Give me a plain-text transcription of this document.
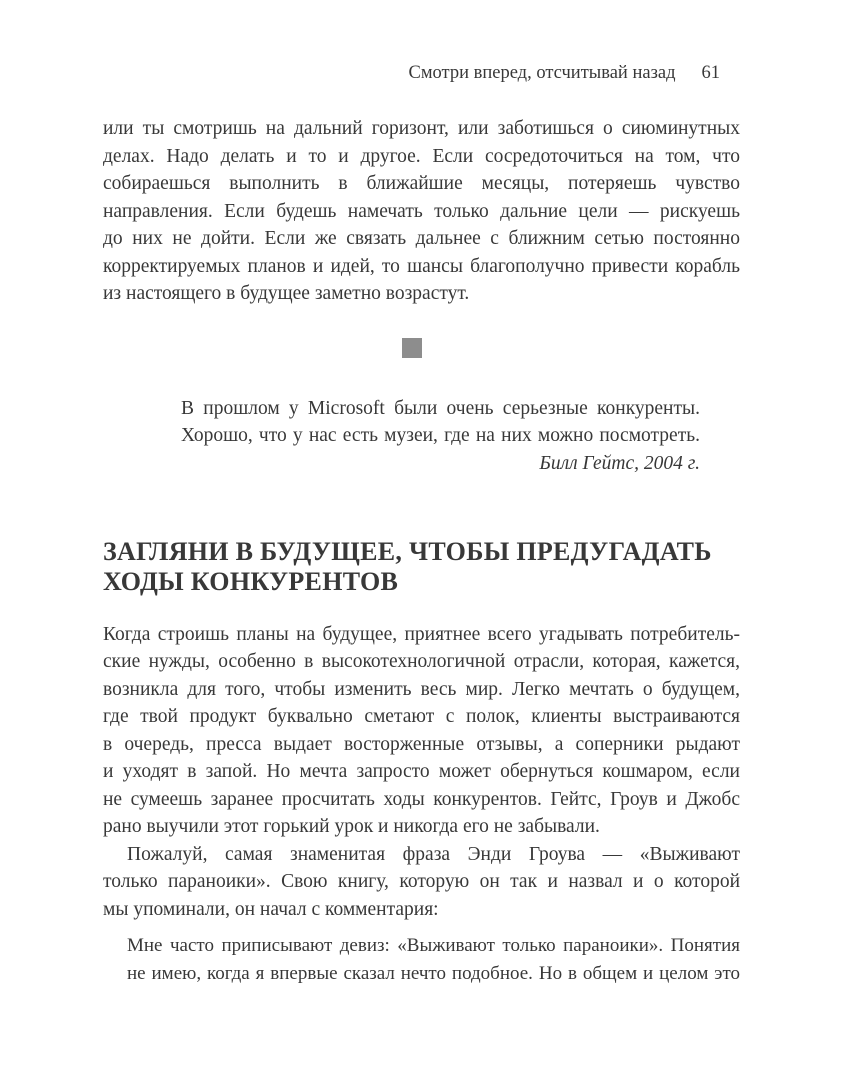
Смотри вперед, отсчитывай назад 61
или ты смотришь на дальний горизонт, или заботишься о сиюминутных
делах. Надо делать и то и другое. Если сосредоточиться на том, что
собираешься выполнить в ближайшие месяцы, потеряешь чувство
направления. Если будешь намечать только дальние цели — рискуешь
до них не дойти. Если же связать дальнее с ближним сетью постоянно
корректируемых планов и идей, то шансы благополучно привести корабль
из настоящего в будущее заметно возрастут.
В прошлом у Microsoft были очень серьезные конкуренты.
Хорошо, что у нас есть музеи, где на них можно посмотреть.
Билл Гейтс, 2004 г.
ЗАГЛЯНИ В БУДУЩЕЕ, ЧТОБЫ ПРЕДУГАДАТЬ
ХОДЫ КОНКУРЕНТОВ
Когда строишь планы на будущее, приятнее всего угадывать потребитель-
ские нужды, особенно в высокотехнологичной отрасли, которая, кажется,
возникла для того, чтобы изменить весь мир. Легко мечтать о будущем,
где твой продукт буквально сметают с полок, клиенты выстраиваются
в очередь, пресса выдает восторженные отзывы, а соперники рыдают
и уходят в запой. Но мечта запросто может обернуться кошмаром, если
не сумеешь заранее просчитать ходы конкурентов. Гейтс, Гроув и Джобс
рано выучили этот горький урок и никогда его не забывали.
Пожалуй, самая знаменитая фраза Энди Гроува — «Выживают
только параноики». Свою книгу, которую он так и назвал и о которой
мы упоминали, он начал с комментария:
Мне часто приписывают девиз: «Выживают только параноики». Понятия
не имею, когда я впервые сказал нечто подобное. Но в общем и целом это
